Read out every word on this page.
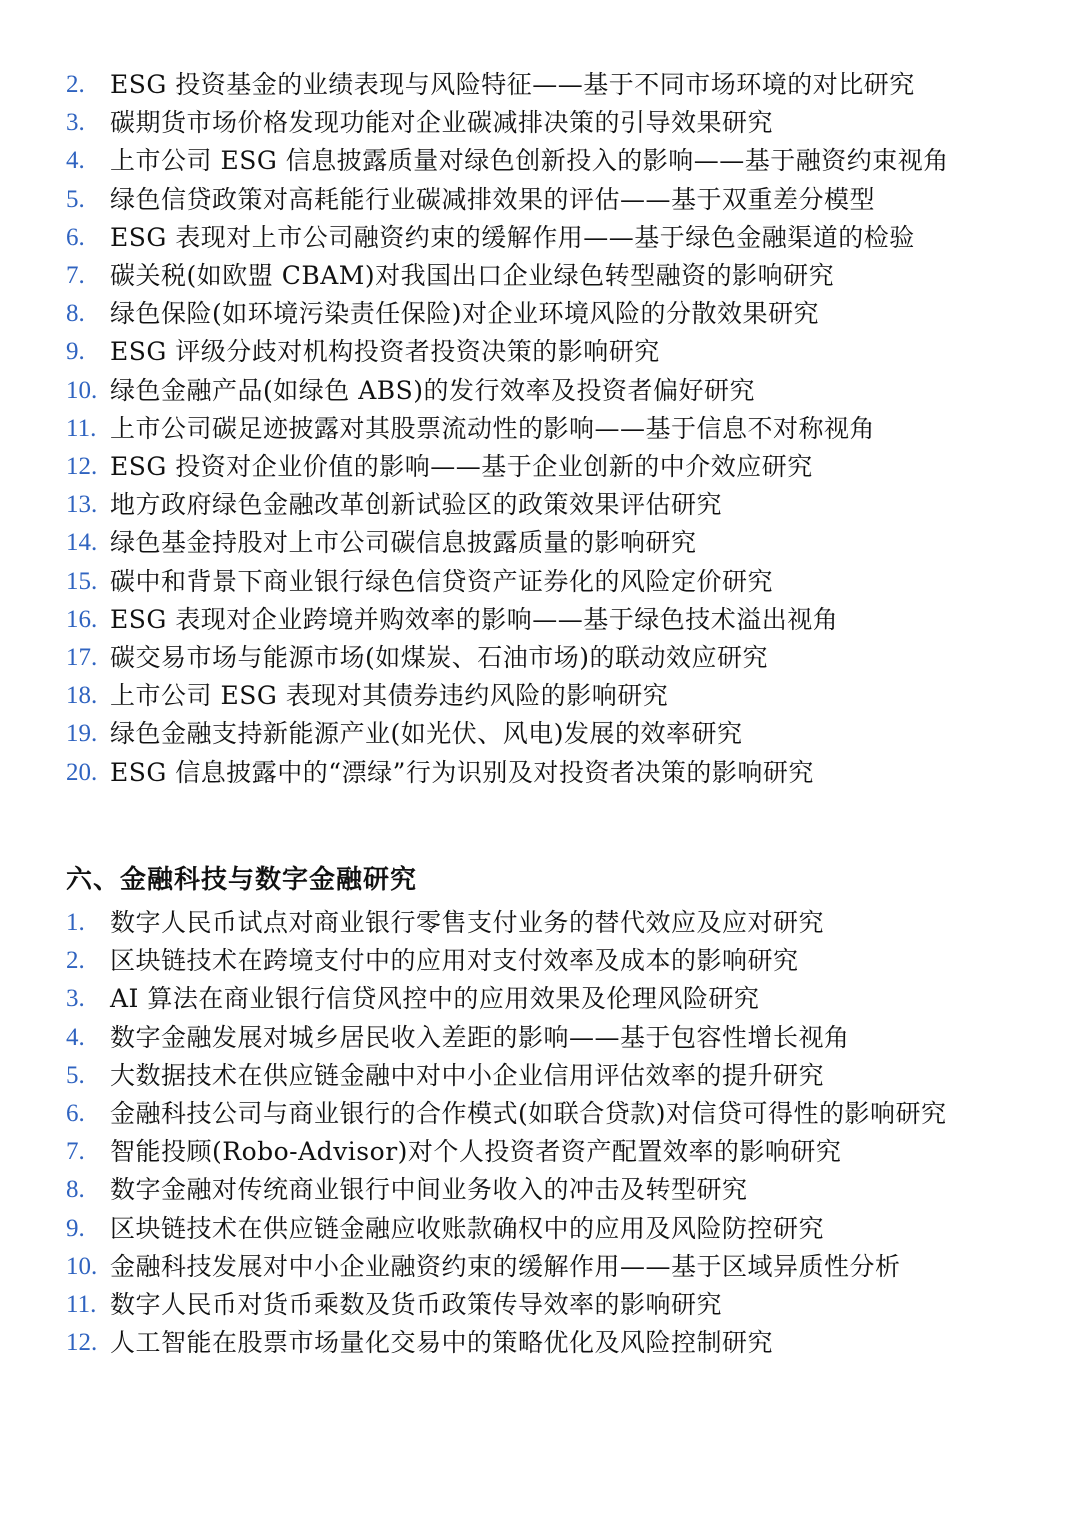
2. ESG 投资基金的业绩表现与风险特征——基于不同市场环境的对比研究
3. 碳期货市场价格发现功能对企业碳减排决策的引导效果研究
4. 上市公司 ESG 信息披露质量对绿色创新投入的影响——基于融资约束视角
5. 绿色信贷政策对高耗能行业碳减排效果的评估——基于双重差分模型
6. ESG 表现对上市公司融资约束的缓解作用——基于绿色金融渠道的检验
7. 碳关税(如欧盟 CBAM)对我国出口企业绿色转型融资的影响研究
8. 绿色保险(如环境污染责任保险)对企业环境风险的分散效果研究
9. ESG 评级分歧对机构投资者投资决策的影响研究
10. 绿色金融产品(如绿色 ABS)的发行效率及投资者偏好研究
11. 上市公司碳足迹披露对其股票流动性的影响——基于信息不对称视角
12. ESG 投资对企业价值的影响——基于企业创新的中介效应研究
13. 地方政府绿色金融改革创新试验区的政策效果评估研究
14. 绿色基金持股对上市公司碳信息披露质量的影响研究
15. 碳中和背景下商业银行绿色信贷资产证券化的风险定价研究
16. ESG 表现对企业跨境并购效率的影响——基于绿色技术溢出视角
17. 碳交易市场与能源市场(如煤炭、石油市场)的联动效应研究
18. 上市公司 ESG 表现对其债券违约风险的影响研究
19. 绿色金融支持新能源产业(如光伏、风电)发展的效率研究
20. ESG 信息披露中的“漂绿”行为识别及对投资者决策的影响研究
六、金融科技与数字金融研究
1. 数字人民币试点对商业银行零售支付业务的替代效应及应对研究
2. 区块链技术在跨境支付中的应用对支付效率及成本的影响研究
3. AI 算法在商业银行信贷风控中的应用效果及伦理风险研究
4. 数字金融发展对城乡居民收入差距的影响——基于包容性增长视角
5. 大数据技术在供应链金融中对中小企业信用评估效率的提升研究
6. 金融科技公司与商业银行的合作模式(如联合贷款)对信贷可得性的影响研究
7. 智能投顾(Robo-Advisor)对个人投资者资产配置效率的影响研究
8. 数字金融对传统商业银行中间业务收入的冲击及转型研究
9. 区块链技术在供应链金融应收账款确权中的应用及风险防控研究
10. 金融科技发展对中小企业融资约束的缓解作用——基于区域异质性分析
11. 数字人民币对货币乘数及货币政策传导效率的影响研究
12. 人工智能在股票市场量化交易中的策略优化及风险控制研究
